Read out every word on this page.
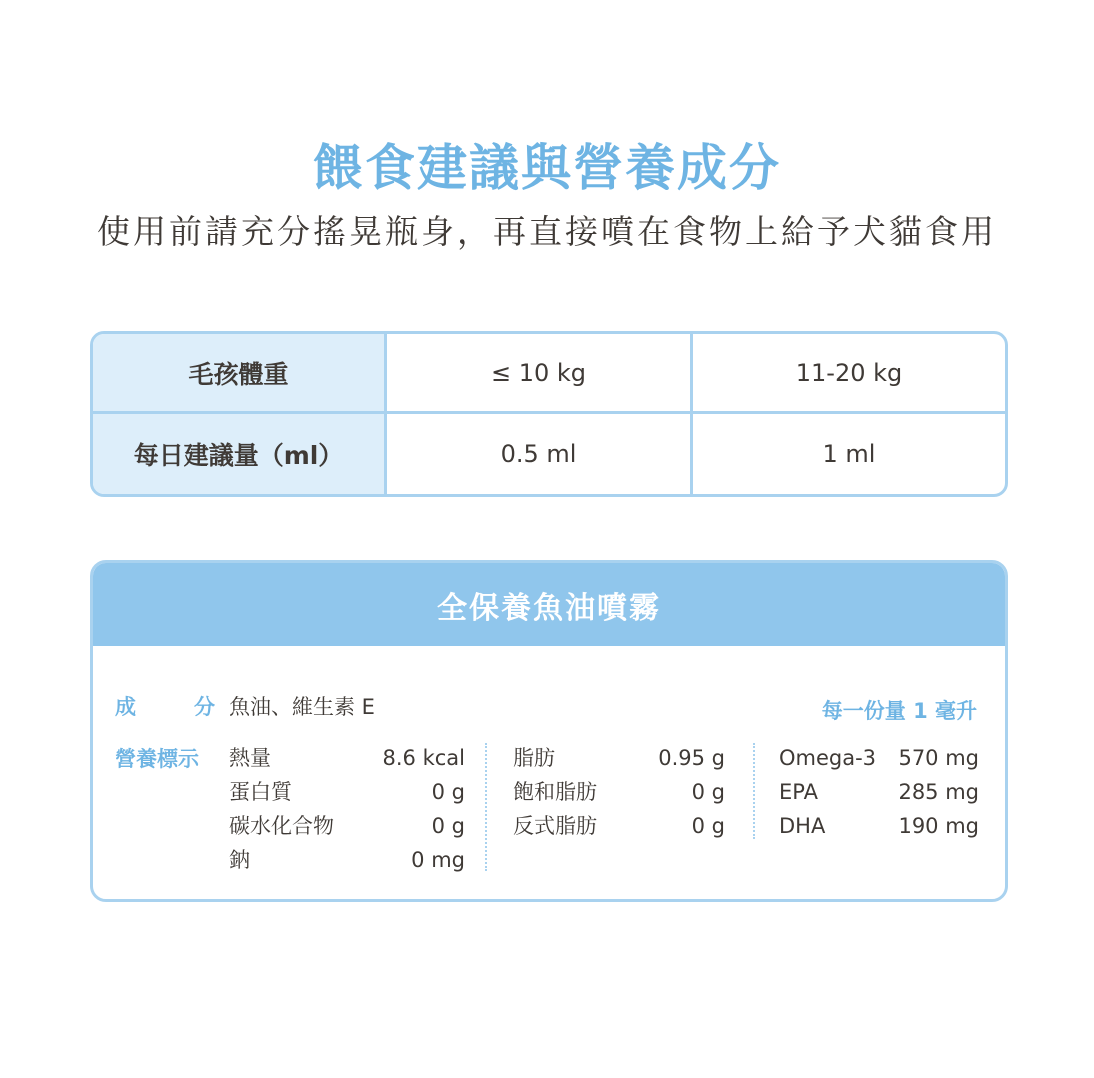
餵食建議與營養成分

使用前請充分搖晃瓶身，再直接噴在食物上給予犬貓食用

毛孩體重	≤ 10 kg	11-20 kg
每日建議量（ml）	0.5 ml	1 ml
全保養魚油噴霧
成	分 魚油、維生素 E	每一份量 1 毫升
營養標示 熱量	8.6 kcal
蛋白質	0 g
碳水化合物	0 g
鈉	0 mg
脂肪	0.95 g
飽和脂肪	0 g
反式脂肪	0 g
Omega-3 570 mg
EPA	285 mg
DHA	190 mg
